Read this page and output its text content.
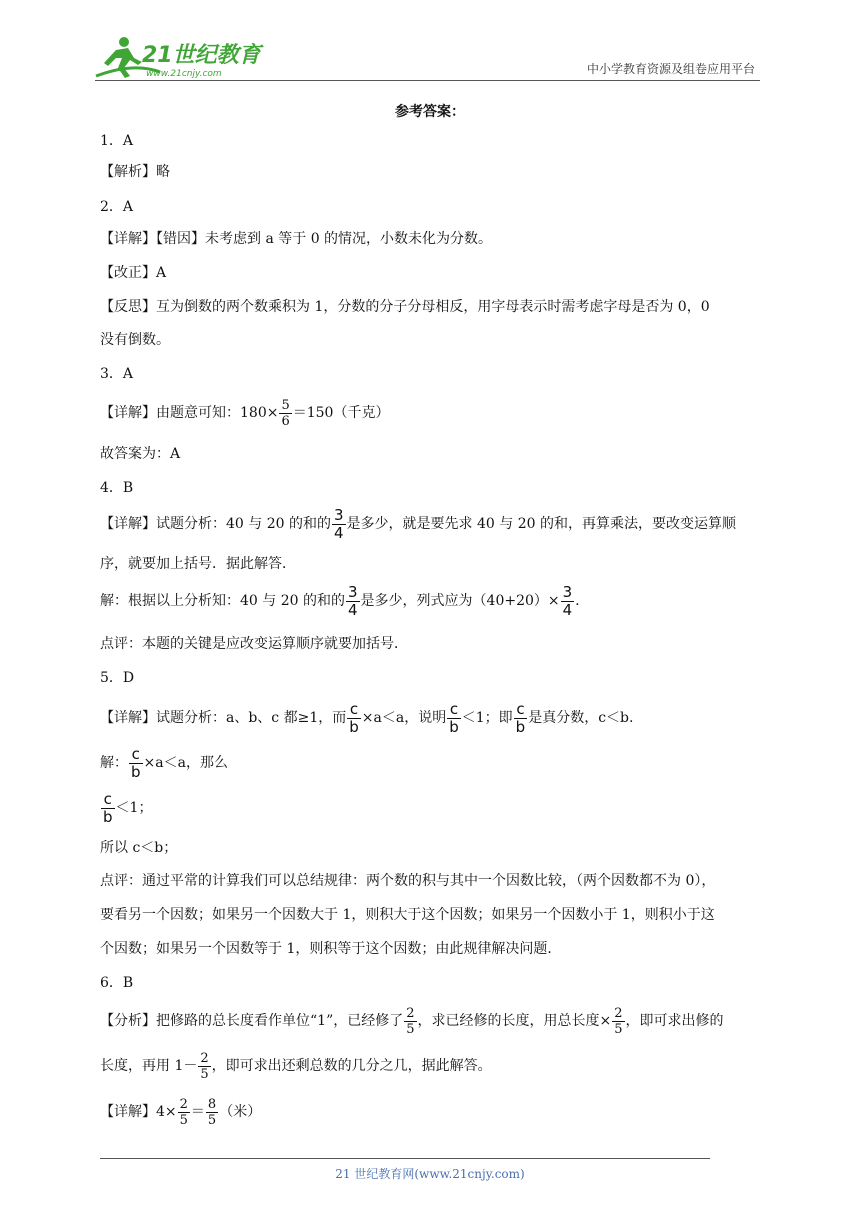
21世纪教育
www.21cnjy.com	中小学教育资源及组卷应用平台
参考答案：
1．A
【解析】略
2．A
【详解】【错因】未考虑到 a 等于 0 的情况，小数未化为分数。
【改正】A
【反思】互为倒数的两个数乘积为 1，分数的分子分母相反，用字母表示时需考虑字母是否为 0，0
没有倒数。
3．A
【详解】由题意可知：$180\times \frac{5}{6} =150$（千克）
故答案为：A
4．B
【详解】试题分析：40 与 20 的和的 $\frac{3}{4}$ 是多少，就是要先求 40 与 20 的和，再算乘法，要改变运算顺
序，就要加上括号．据此解答．
解：根据以上分析知：40 与 20 的和的 $\frac{3}{4}$ 是多少，列式应为$(40+20)\times \frac{3}{4}$ .
点评：本题的关键是应改变运算顺序就要加括号．
5．D
【详解】试题分析：a、b、c 都≥1，而 $\frac{c}{b} \times a<a$，说明 $\frac{c}{b} <1$；即 $\frac{c}{b}$ 是真分数，c＜b.
解： $\frac{c}{b} \times a<a$，那么
$\frac{c}{b} <1$；
所以 c＜b；
点评：通过平常的计算我们可以总结规律：两个数的积与其中一个因数比较，（两个因数都不为 0），
要看另一个因数；如果另一个因数大于 1，则积大于这个因数；如果另一个因数小于 1，则积小于这
个因数；如果另一个因数等于 1，则积等于这个因数；由此规律解决问题．
6．B
【分析】把修路的总长度看作单位“1”，已经修了 $\frac{2}{5}$ ，求已经修的长度，用总长度× $\frac{2}{5}$ ，即可求出修的
长度，再用 $1- \frac{2}{5}$ ，即可求出还剩总数的几分之几，据此解答。
【详解】$4\times \frac{2}{5} = \frac{8}{5}$ （米）
21 世纪教育网(www.21cnjy.com)
